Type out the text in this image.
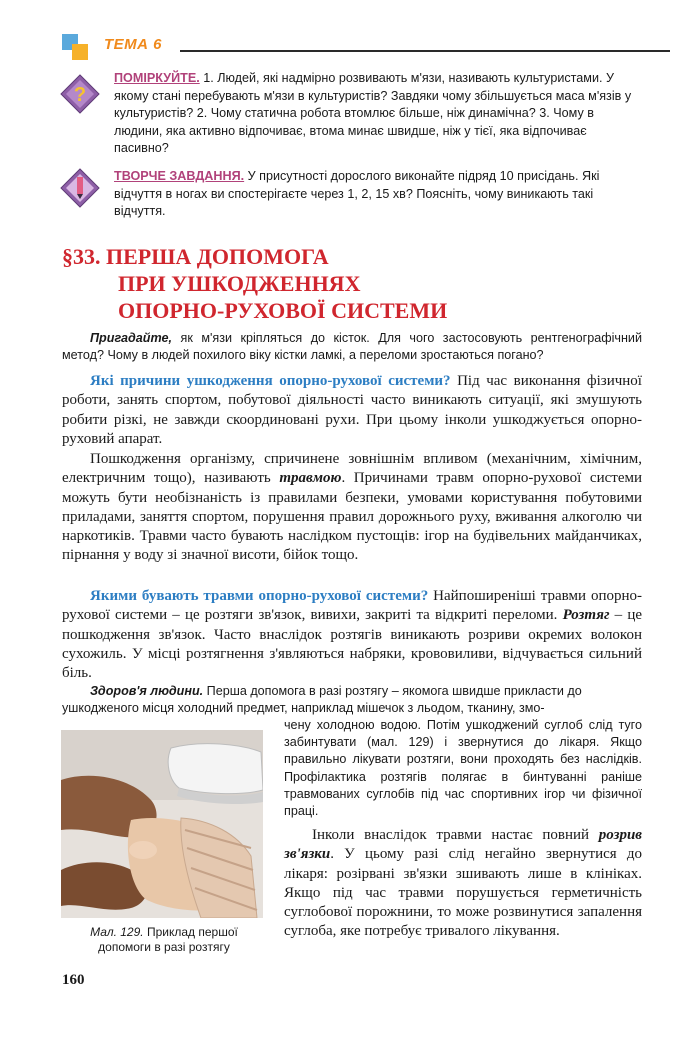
ТЕМА 6
?
ПОМІРКУЙТЕ. 1. Людей, які надмірно розвивають м'язи, називають культуристами. У якому стані перебувають м'язи в культуристів? Завдяки чому збільшується маса м'язів у культуристів? 2. Чому статична робота втомлює більше, ніж динамічна? 3. Чому в людини, яка активно відпочиває, втома минає швидше, ніж у тієї, яка відпочиває пасивно?
ТВОРЧЕ ЗАВДАННЯ. У присутності дорослого виконайте підряд 10 присідань. Які відчуття в ногах ви спостерігаєте через 1, 2, 15 хв? Поясніть, чому виникають такі відчуття.
§33. ПЕРША ДОПОМОГА
ПРИ УШКОДЖЕННЯХ
ОПОРНО-РУХОВОЇ СИСТЕМИ
Пригадайте, як м'язи кріпляться до кісток. Для чого застосовують рентгенографічний метод? Чому в людей похилого віку кістки ламкі, а переломи зростаються погано?
Які причини ушкодження опорно-рухової системи? Під час виконання фізичної роботи, занять спортом, побутової діяльності часто виникають ситуації, які змушують робити різкі, не завжди скоординовані рухи. При цьому інколи ушкоджується опорно-руховий апарат.
Пошкодження організму, спричинене зовнішнім впливом (механічним, хімічним, електричним тощо), називають травмою. Причинами травм опорно-рухової системи можуть бути необізнаність із правилами безпеки, умовами користування побутовими приладами, заняття спортом, порушення правил дорожнього руху, вживання алкоголю чи наркотиків. Травми часто бувають наслідком пустощів: ігор на будівельних майданчиках, пірнання у воду зі значної висоти, бійок тощо.
Якими бувають травми опорно-рухової системи? Найпоширеніші травми опорно-рухової системи – це розтяги зв'язок, вивихи, закриті та відкриті переломи. Розтяг – це пошкодження зв'язок. Часто внаслідок розтягів виникають розриви окремих волокон сухожиль. У місці розтягнення з'являються набряки, крововиливи, відчувається сильний біль.
Здоров'я людини. Перша допомога в разі розтягу – якомога швидше прикласти до
ушкодженого місця холодний предмет, наприклад мішечок з льодом, тканину, змо-
чену холодною водою. Потім ушкоджений суглоб слід туго забинтувати (мал. 129) і звернутися до лікаря. Якщо правильно лікувати розтяги, вони проходять без наслідків. Профілактика розтягів полягає в бинтуванні раніше травмованих суглобів під час спортивних ігор чи фізичної праці.
Мал. 129. Приклад першої допомоги в разі розтягу
Інколи внаслідок травми настає повний розрив зв'язки. У цьому разі слід негайно звернутися до лікаря: розірвані зв'язки зшивають лише в клініках. Якщо під час травми порушується герметичність суглобової порожнини, то може розвинутися запалення суглоба, яке потребує тривалого лікування.
160
